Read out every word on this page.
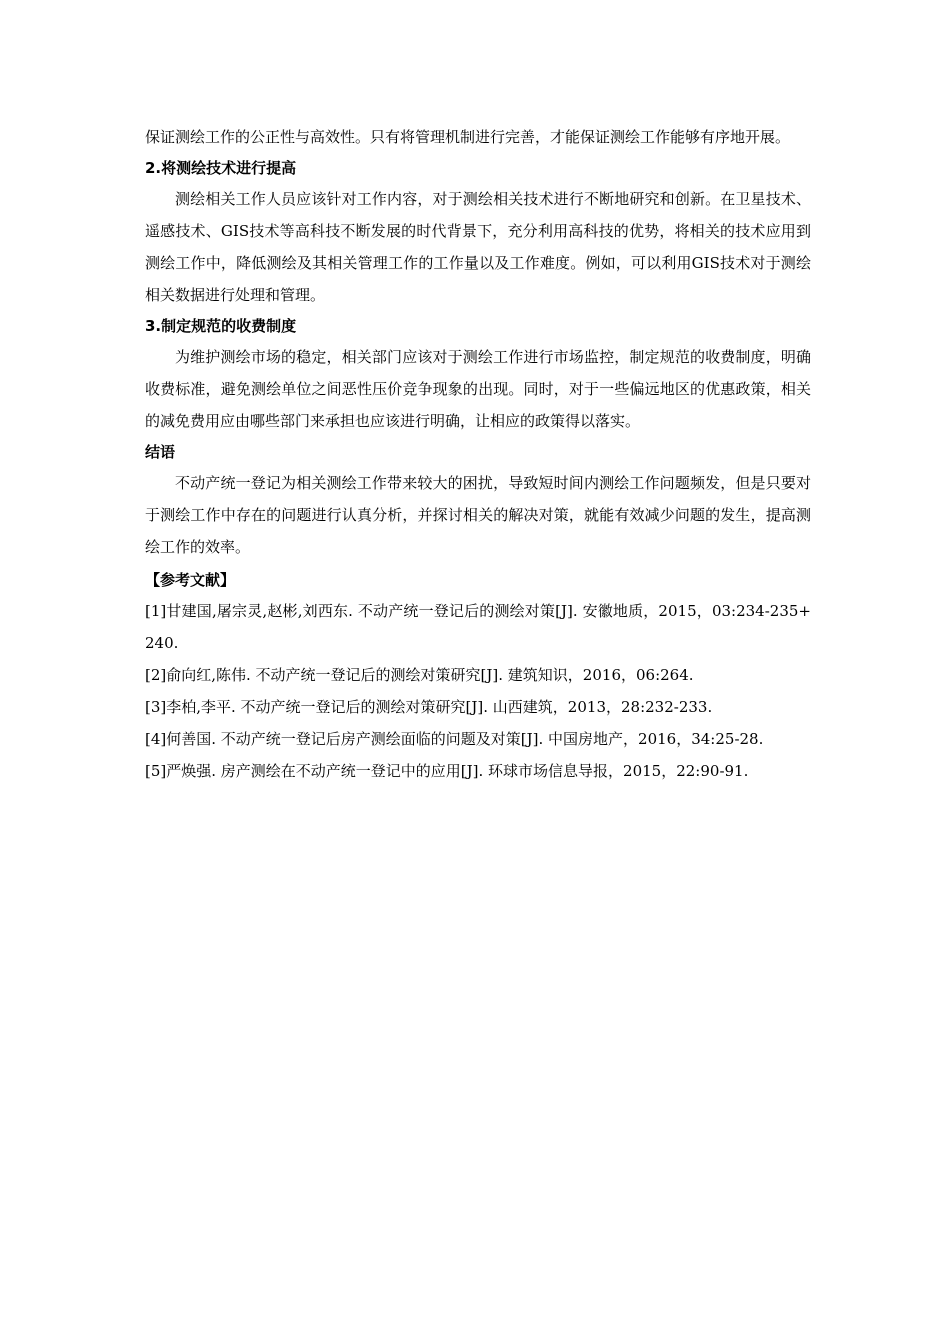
保证测绘工作的公正性与高效性。只有将管理机制进行完善，才能保证测绘工作能够有序地开展。

2.将测绘技术进行提高

测绘相关工作人员应该针对工作内容，对于测绘相关技术进行不断地研究和创新。在卫星技术、遥感技术、GIS技术等高科技不断发展的时代背景下，充分利用高科技的优势，将相关的技术应用到测绘工作中，降低测绘及其相关管理工作的工作量以及工作难度。例如，可以利用GIS技术对于测绘相关数据进行处理和管理。

3.制定规范的收费制度

为维护测绘市场的稳定，相关部门应该对于测绘工作进行市场监控，制定规范的收费制度，明确收费标准，避免测绘单位之间恶性压价竞争现象的出现。同时，对于一些偏远地区的优惠政策，相关的减免费用应由哪些部门来承担也应该进行明确，让相应的政策得以落实。

结语

不动产统一登记为相关测绘工作带来较大的困扰，导致短时间内测绘工作问题频发，但是只要对于测绘工作中存在的问题进行认真分析，并探讨相关的解决对策，就能有效减少问题的发生，提高测绘工作的效率。

【参考文献】

[1]甘建国,屠宗灵,赵彬,刘西东. 不动产统一登记后的测绘对策[J]. 安徽地质，2015，03:234-235+240.

[2]俞向红,陈伟. 不动产统一登记后的测绘对策研究[J]. 建筑知识，2016，06:264.

[3]李柏,李平. 不动产统一登记后的测绘对策研究[J]. 山西建筑，2013，28:232-233.

[4]何善国. 不动产统一登记后房产测绘面临的问题及对策[J]. 中国房地产，2016，34:25-28.

[5]严焕强. 房产测绘在不动产统一登记中的应用[J]. 环球市场信息导报，2015，22:90-91.
